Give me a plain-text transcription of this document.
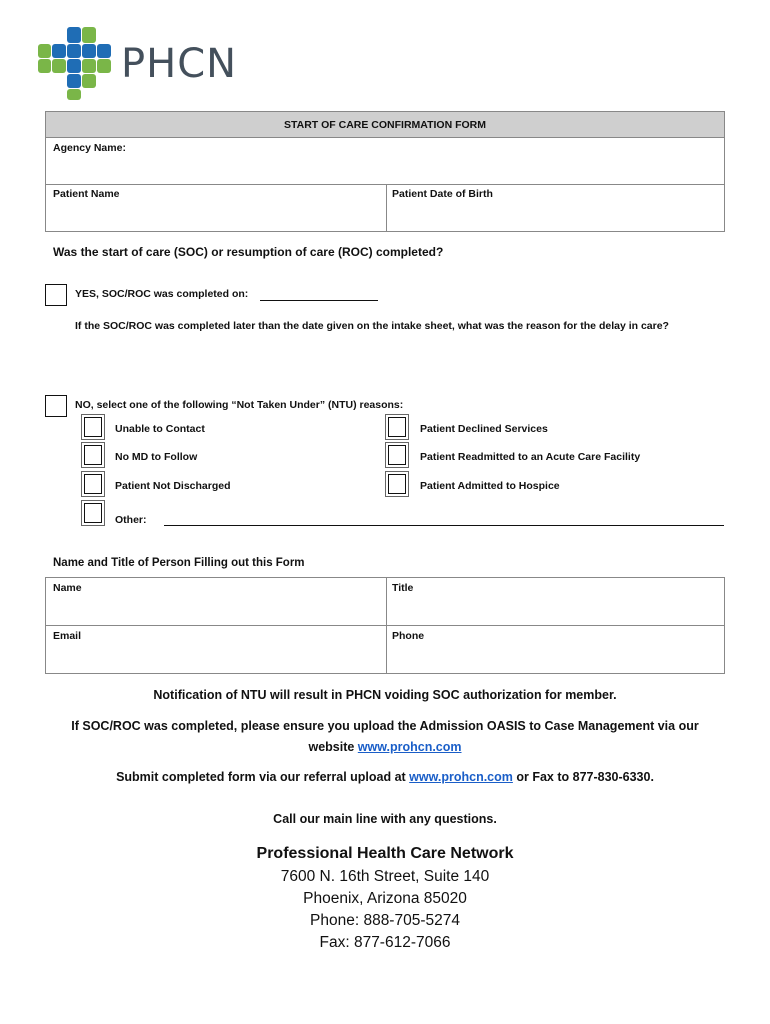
PHCN
START OF CARE CONFIRMATION FORM
Agency Name:
Patient Name	Patient Date of Birth
Was the start of care (SOC) or resumption of care (ROC) completed?
YES, SOC/ROC was completed on:
If the SOC/ROC was completed later than the date given on the intake sheet, what was the reason for the delay in care?
NO, select one of the following “Not Taken Under” (NTU) reasons:
Unable to Contact	Patient Declined Services
No MD to Follow	Patient Readmitted to an Acute Care Facility
Patient Not Discharged	Patient Admitted to Hospice
Other:
Name and Title of Person Filling out this Form
Name	Title
Email	Phone
Notification of NTU will result in PHCN voiding SOC authorization for member.
If SOC/ROC was completed, please ensure you upload the Admission OASIS to Case Management via our
website www.prohcn.com
Submit completed form via our referral upload at www.prohcn.com or Fax to 877-830-6330.
Call our main line with any questions.
Professional Health Care Network
7600 N. 16th Street, Suite 140
Phoenix, Arizona 85020
Phone: 888-705-5274
Fax: 877-612-7066
